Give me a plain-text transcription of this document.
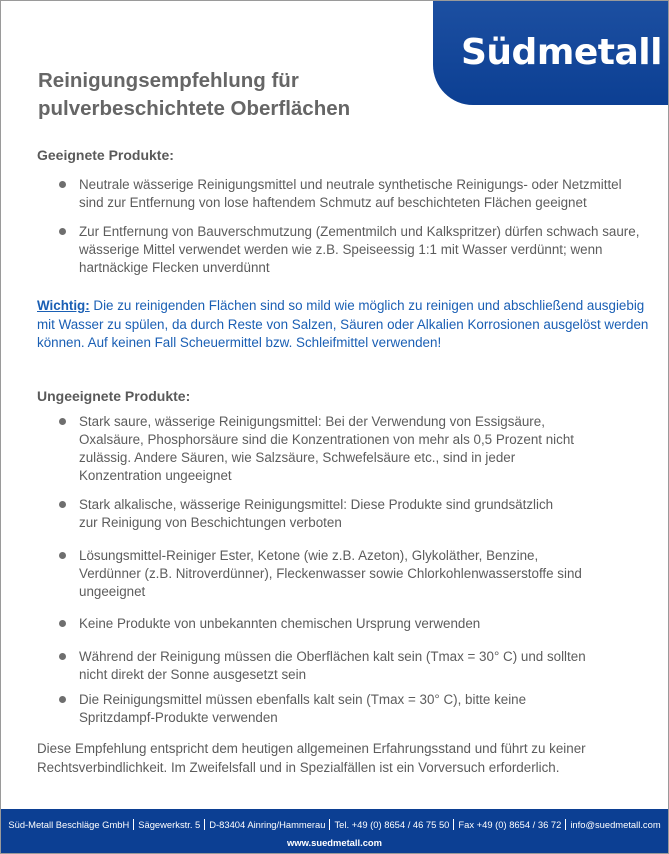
Südmetall
Reinigungsempfehlung für
pulverbeschichtete Oberflächen
Geeignete Produkte:
Neutrale wässerige Reinigungsmittel und neutrale synthetische Reinigungs- oder Netzmittel sind zur Entfernung von lose haftendem Schmutz auf beschichteten Flächen geeignet
Zur Entfernung von Bauverschmutzung (Zementmilch und Kalkspritzer) dürfen schwach saure, wässerige Mittel verwendet werden wie z.B. Speiseessig 1:1 mit Wasser verdünnt; wenn hartnäckige Flecken unverdünnt

Wichtig: Die zu reinigenden Flächen sind so mild wie möglich zu reinigen und abschließend ausgiebig mit Wasser zu spülen, da durch Reste von Salzen, Säuren oder Alkalien Korrosionen ausgelöst werden können. Auf keinen Fall Scheuermittel bzw. Schleifmittel verwenden!

Ungeeignete Produkte:
Stark saure, wässerige Reinigungsmittel: Bei der Verwendung von Essigsäure, Oxalsäure, Phosphorsäure sind die Konzentrationen von mehr als 0,5 Prozent nicht zulässig. Andere Säuren, wie Salzsäure, Schwefelsäure etc., sind in jeder Konzentration ungeeignet
Stark alkalische, wässerige Reinigungsmittel: Diese Produkte sind grundsätzlich zur Reinigung von Beschichtungen verboten
Lösungsmittel-Reiniger Ester, Ketone (wie z.B. Azeton), Glykoläther, Benzine, Verdünner (z.B. Nitroverdünner), Fleckenwasser sowie Chlorkohlenwasserstoffe sind ungeeignet
Keine Produkte von unbekannten chemischen Ursprung verwenden
Während der Reinigung müssen die Oberflächen kalt sein (Tmax = 30° C) und sollten nicht direkt der Sonne ausgesetzt sein
Die Reinigungsmittel müssen ebenfalls kalt sein (Tmax = 30° C), bitte keine Spritzdampf-Produkte verwenden

Diese Empfehlung entspricht dem heutigen allgemeinen Erfahrungsstand und führt zu keiner Rechtsverbindlichkeit. Im Zweifelsfall und in Spezialfällen ist ein Vorversuch erforderlich.

Süd-Metall Beschläge GmbH Sägewerkstr. 5 D-83404 Ainring/Hammerau Tel. +49 (0) 8654 / 46 75 50 Fax +49 (0) 8654 / 36 72 info@suedmetall.com
www.suedmetall.com
